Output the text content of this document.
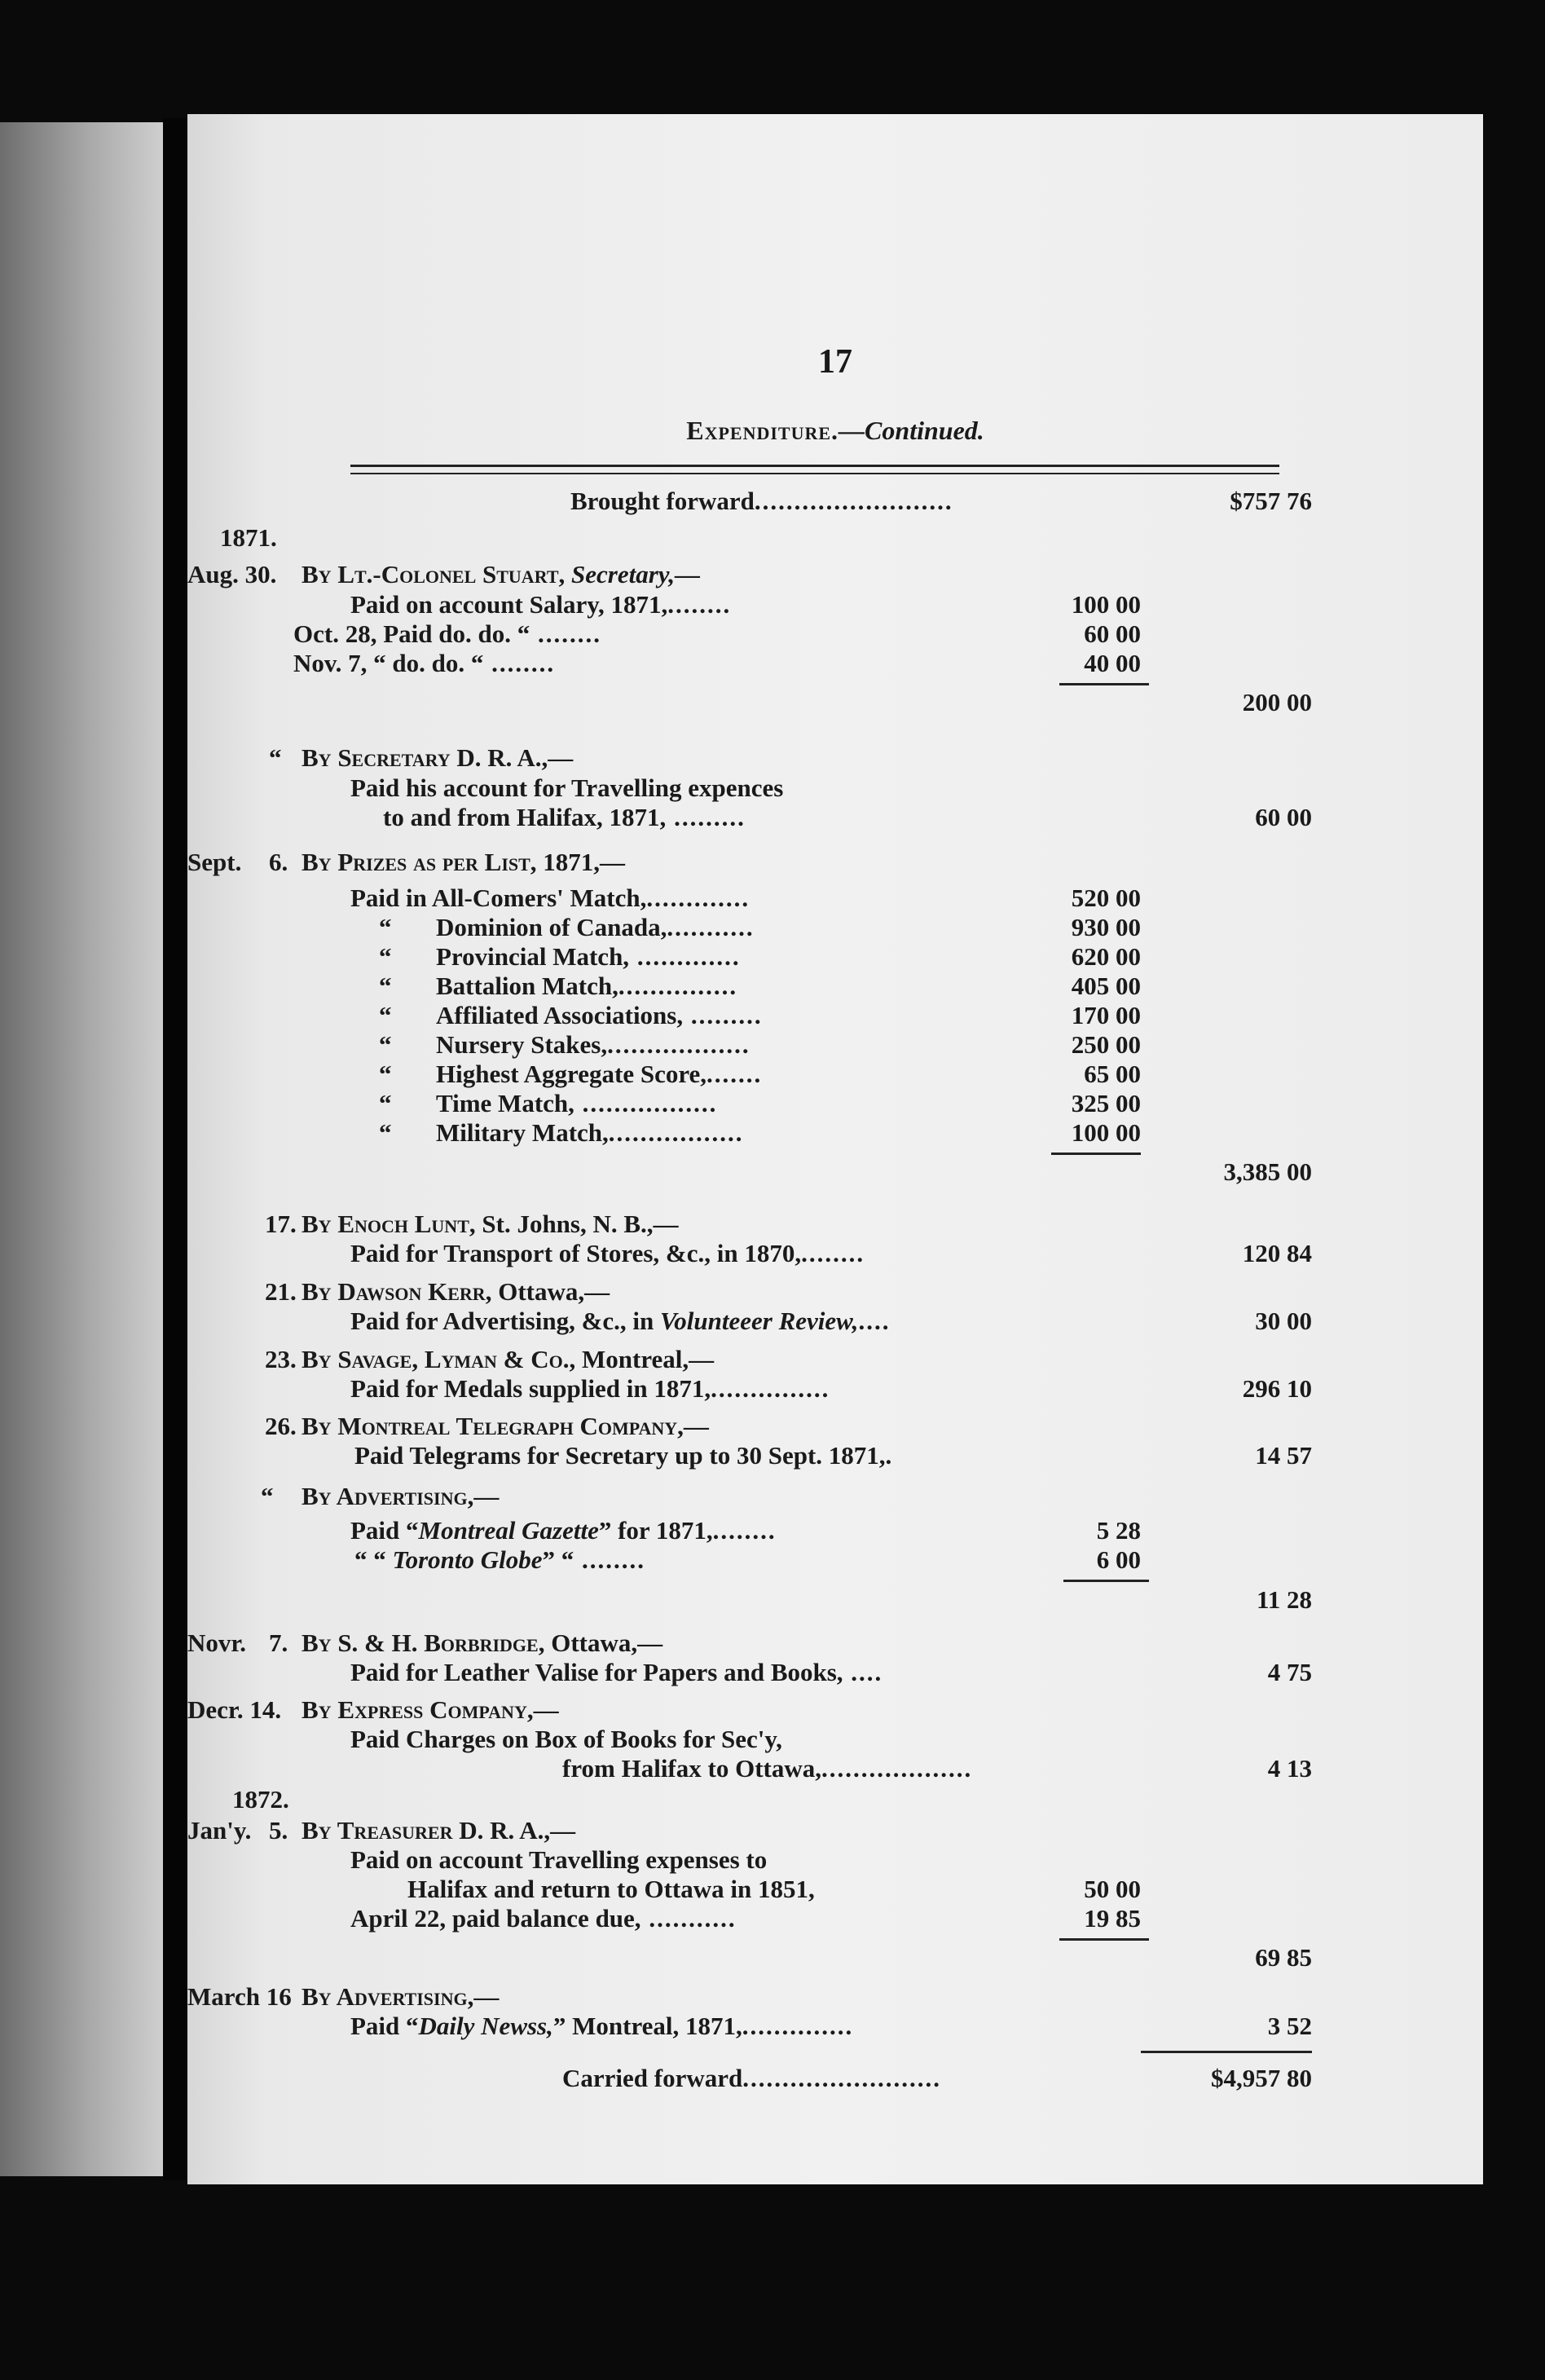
17
Expenditure.—Continued.
Brought forward.........................	$757 76
1871.
Aug. 30. By Lt.-Colonel Stuart, Secretary,—
Paid on account Salary, 1871,........	100 00
Oct. 28, Paid do. do. “ ........	60 00
Nov. 7, “ do. do. “ ........	40 00
200 00
“ By Secretary D. R. A.,—
Paid his account for Travelling expences
to and from Halifax, 1871, .........	60 00
Sept. 6. By Prizes as per List, 1871,—
Paid in All-Comers' Match,.............	520 00
“ Dominion of Canada,...........	930 00
“ Provincial Match, .............	620 00
“ Battalion Match,...............	405 00
“ Affiliated Associations, .........	170 00
“ Nursery Stakes,..................	250 00
“ Highest Aggregate Score,.......	65 00
“ Time Match, .................	325 00
“ Military Match,.................	100 00
3,385 00
17. By Enoch Lunt, St. Johns, N. B.,—
Paid for Transport of Stores, &c., in 1870,........	120 84
21. By Dawson Kerr, Ottawa,—
Paid for Advertising, &c., in Volunteeer Review,....	30 00
23. By Savage, Lyman & Co., Montreal,—
Paid for Medals supplied in 1871,...............	296 10
26. By Montreal Telegraph Company,—
Paid Telegrams for Secretary up to 30 Sept. 1871,.	14 57
“ By Advertising,—
Paid “Montreal Gazette” for 1871,........	5 28
“ “ Toronto Globe” “ ........	6 00
11 28
Novr. 7. By S. & H. Borbridge, Ottawa,—
Paid for Leather Valise for Papers and Books, ....	4 75
Decr. 14. By Express Company,—
Paid Charges on Box of Books for Sec'y,
from Halifax to Ottawa,...................	4 13
1872.
Jan'y. 5. By Treasurer D. R. A.,—
Paid on account Travelling expenses to
Halifax and return to Ottawa in 1851,	50 00
April 22, paid balance due, ...........	19 85
69 85
March 16 By Advertising,—
Paid “Daily Newss,” Montreal, 1871,..............	3 52
Carried forward.........................	$4,957 80
